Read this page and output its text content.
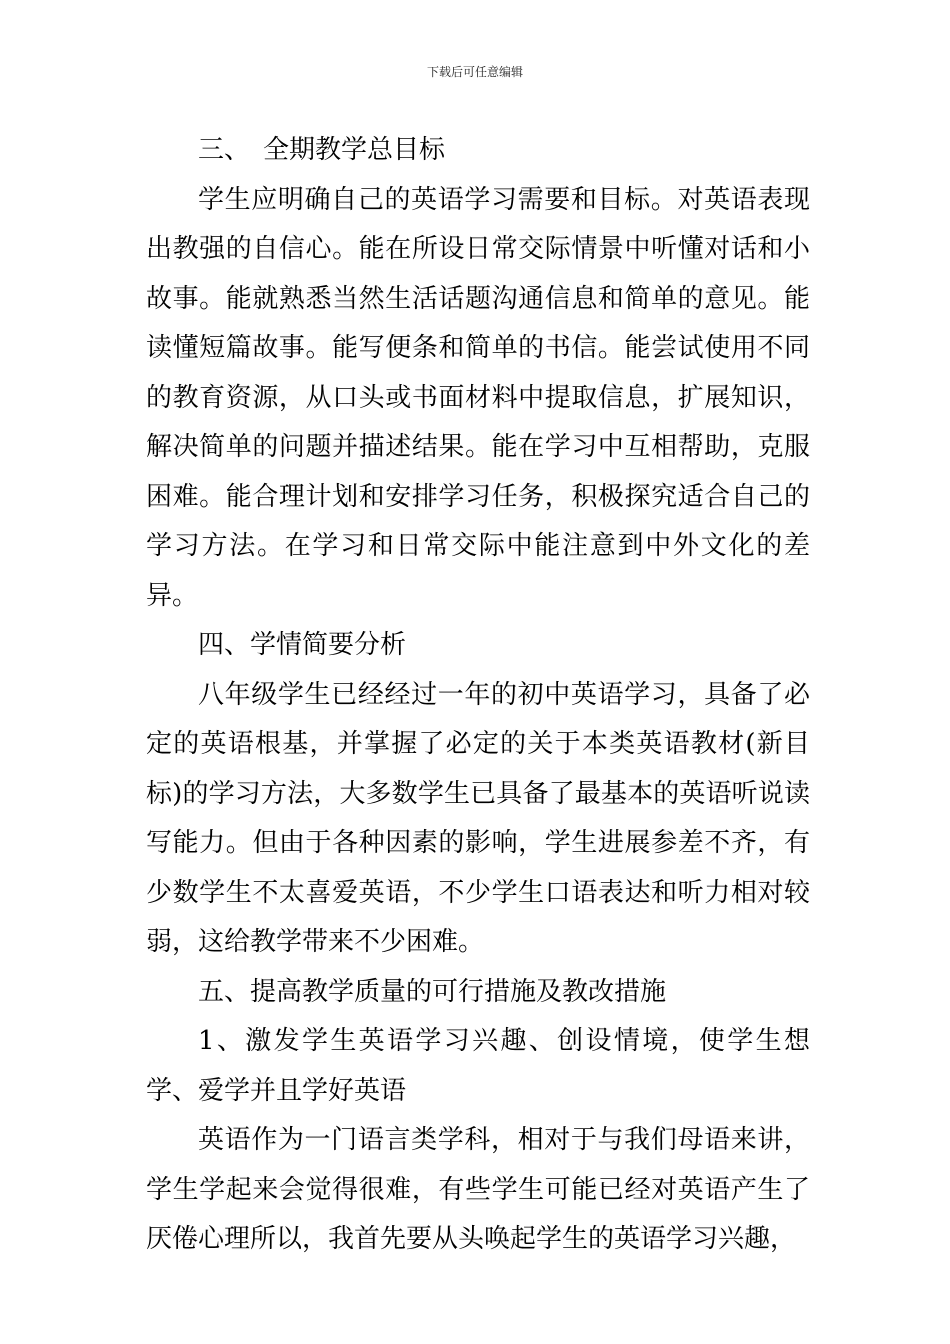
下载后可任意编辑

三、　全期教学总目标

学生应明确自己的英语学习需要和目标。对英语表现出教强的自信心。能在所设日常交际情景中听懂对话和小故事。能就熟悉当然生活话题沟通信息和简单的意见。能读懂短篇故事。能写便条和简单的书信。能尝试使用不同的教育资源，从口头或书面材料中提取信息，扩展知识，解决简单的问题并描述结果。能在学习中互相帮助，克服困难。能合理计划和安排学习任务，积极探究适合自己的学习方法。在学习和日常交际中能注意到中外文化的差异。

四、学情简要分析

八年级学生已经经过一年的初中英语学习，具备了必定的英语根基，并掌握了必定的关于本类英语教材(新目标)的学习方法，大多数学生已具备了最基本的英语听说读写能力。但由于各种因素的影响，学生进展参差不齐，有少数学生不太喜爱英语，不少学生口语表达和听力相对较弱，这给教学带来不少困难。

五、提高教学质量的可行措施及教改措施

1、激发学生英语学习兴趣、创设情境，使学生想学、爱学并且学好英语

英语作为一门语言类学科，相对于与我们母语来讲，学生学起来会觉得很难，有些学生可能已经对英语产生了厌倦心理所以，我首先要从头唤起学生的英语学习兴趣，
